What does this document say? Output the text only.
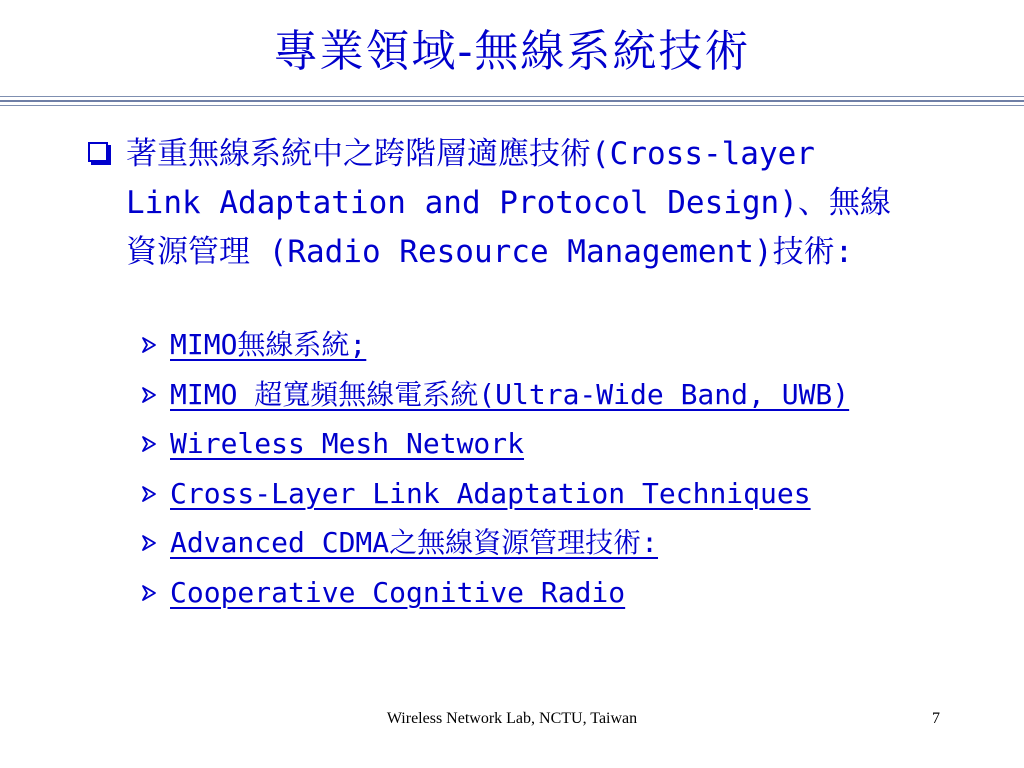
專業領域-無線系統技術
著重無線系統中之跨階層適應技術(Cross-layer Link Adaptation and Protocol Design)、無線資源管理 (Radio Resource Management)技術:
MIMO無線系統;
MIMO 超寬頻無線電系統(Ultra-Wide Band, UWB)
Wireless Mesh Network
Cross-Layer Link Adaptation Techniques
Advanced CDMA之無線資源管理技術:
Cooperative Cognitive Radio
Wireless Network Lab, NCTU, Taiwan	7
